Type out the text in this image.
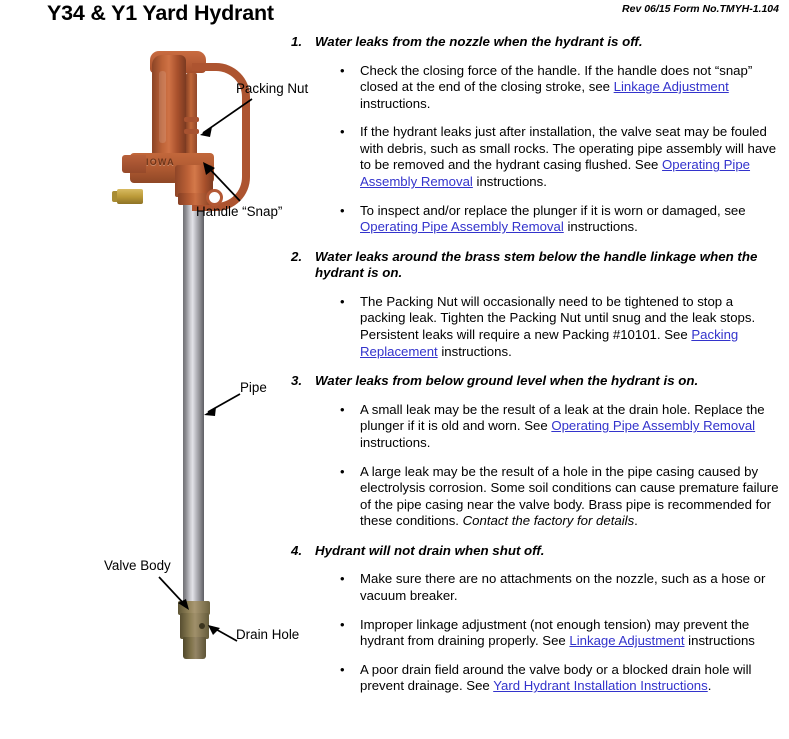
Y34 & Y1 Yard Hydrant	Rev 06/15 Form No.TMYH-1.104
IOWA
Packing Nut
Handle “Snap”
Pipe
Valve Body
Drain Hole
1. Water leaks from the nozzle when the hydrant is off.
• Check the closing force of the handle. If the handle does not “snap” closed at the end of the closing stroke, see Linkage Adjustment instructions.
• If the hydrant leaks just after installation, the valve seat may be fouled with debris, such as small rocks. The operating pipe assembly will have to be removed and the hydrant casing flushed. See Operating Pipe Assembly Removal instructions.
• To inspect and/or replace the plunger if it is worn or damaged, see Operating Pipe Assembly Removal instructions.
2. Water leaks around the brass stem below the handle linkage when the hydrant is on.
• The Packing Nut will occasionally need to be tightened to stop a packing leak. Tighten the Packing Nut until snug and the leak stops. Persistent leaks will require a new Packing #10101. See Packing Replacement instructions.
3. Water leaks from below ground level when the hydrant is on.
• A small leak may be the result of a leak at the drain hole. Replace the plunger if it is old and worn. See Operating Pipe Assembly Removal instructions.
• A large leak may be the result of a hole in the pipe casing caused by electrolysis corrosion. Some soil conditions can cause premature failure of the pipe casing near the valve body. Brass pipe is recommended for these conditions. Contact the factory for details.
4. Hydrant will not drain when shut off.
• Make sure there are no attachments on the nozzle, such as a hose or vacuum breaker.
• Improper linkage adjustment (not enough tension) may prevent the hydrant from draining properly. See Linkage Adjustment instructions
• A poor drain field around the valve body or a blocked drain hole will prevent drainage. See Yard Hydrant Installation Instructions.
